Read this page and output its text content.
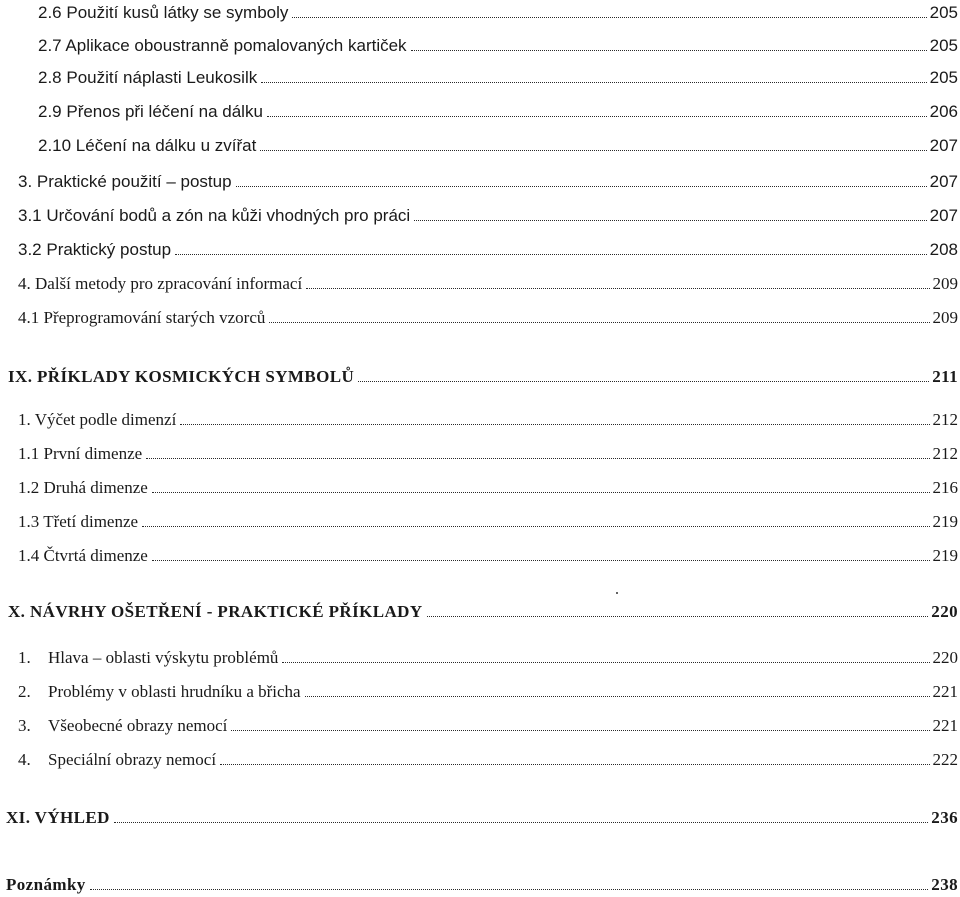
2.6 Použití kusů látky se symboly	205
2.7 Aplikace oboustranně pomalovaných kartiček	205
2.8 Použití náplasti Leukosilk	205
2.9 Přenos při léčení na dálku	206
2.10 Léčení na dálku u zvířat	207
3. Praktické použití – postup	207
3.1 Určování bodů a zón na kůži vhodných pro práci	207
3.2 Praktický postup	208
4. Další metody pro zpracování informací	209
4.1 Přeprogramování starých vzorců	209
IX. PŘÍKLADY KOSMICKÝCH SYMBOLŮ	211
1. Výčet podle dimenzí	212
1.1 První dimenze	212
1.2 Druhá dimenze	216
1.3 Třetí dimenze	219
1.4 Čtvrtá dimenze	219
X. NÁVRHY OŠETŘENÍ - PRAKTICKÉ PŘÍKLADY	220
1. Hlava – oblasti výskytu problémů	220
2. Problémy v oblasti hrudníku a břicha	221
3. Všeobecné obrazy nemocí	221
4. Speciální obrazy nemocí	222
XI. VÝHLED	236
Poznámky	238
